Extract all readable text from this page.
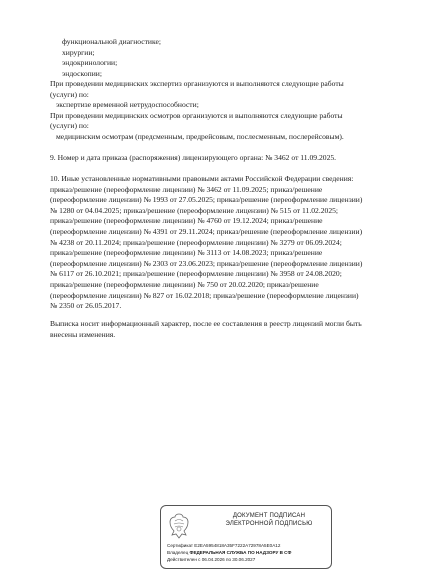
функциональной диагностике;
хирургии;
эндокринологии;
эндоскопии;
При проведении медицинских экспертиз организуются и выполняются следующие работы
(услуги) по:
экспертизе временной нетрудоспособности;
При проведении медицинских осмотров организуются и выполняются следующие работы
(услуги) по:
медицинским осмотрам (предсменным, предрейсовым, послесменным, послерейсовым).
9. Номер и дата приказа (распоряжения) лицензирующего органа: № 3462 от 11.09.2025.
10. Иные установленные нормативными правовыми актами Российской Федерации сведения:
приказ/решение (переоформление лицензии) № 3462 от 11.09.2025; приказ/решение
(переоформление лицензии) № 1993 от 27.05.2025; приказ/решение (переоформление лицензии)
№ 1280 от 04.04.2025; приказ/решение (переоформление лицензии) № 515 от 11.02.2025;
приказ/решение (переоформление лицензии) № 4760 от 19.12.2024; приказ/решение
(переоформление лицензии) № 4391 от 29.11.2024; приказ/решение (переоформление лицензии)
№ 4238 от 20.11.2024; приказ/решение (переоформление лицензии) № 3279 от 06.09.2024;
приказ/решение (переоформление лицензии) № 3113 от 14.08.2023; приказ/решение
(переоформление лицензии) № 2303 от 23.06.2023; приказ/решение (переоформление лицензии)
№ 6117 от 26.10.2021; приказ/решение (переоформление лицензии) № 3958 от 24.08.2020;
приказ/решение (переоформление лицензии) № 750 от 20.02.2020; приказ/решение
(переоформление лицензии) № 827 от 16.02.2018; приказ/решение (переоформление лицензии)
№ 2350 от 26.05.2017.
Выписка носит информационный характер, после ее составления в реестр лицензий могли быть
внесены изменения.
ДОКУМЕНТ ПОДПИСАН
ЭЛЕКТРОННОЙ ПОДПИСЬЮ
Сертификат E2EA5954818A35F7222A72978A5E0A12
Владелец ФЕДЕРАЛЬНАЯ СЛУЖБА ПО НАДЗОРУ В СФ
Действителен с 06.04.2026 по 30.06.2027
